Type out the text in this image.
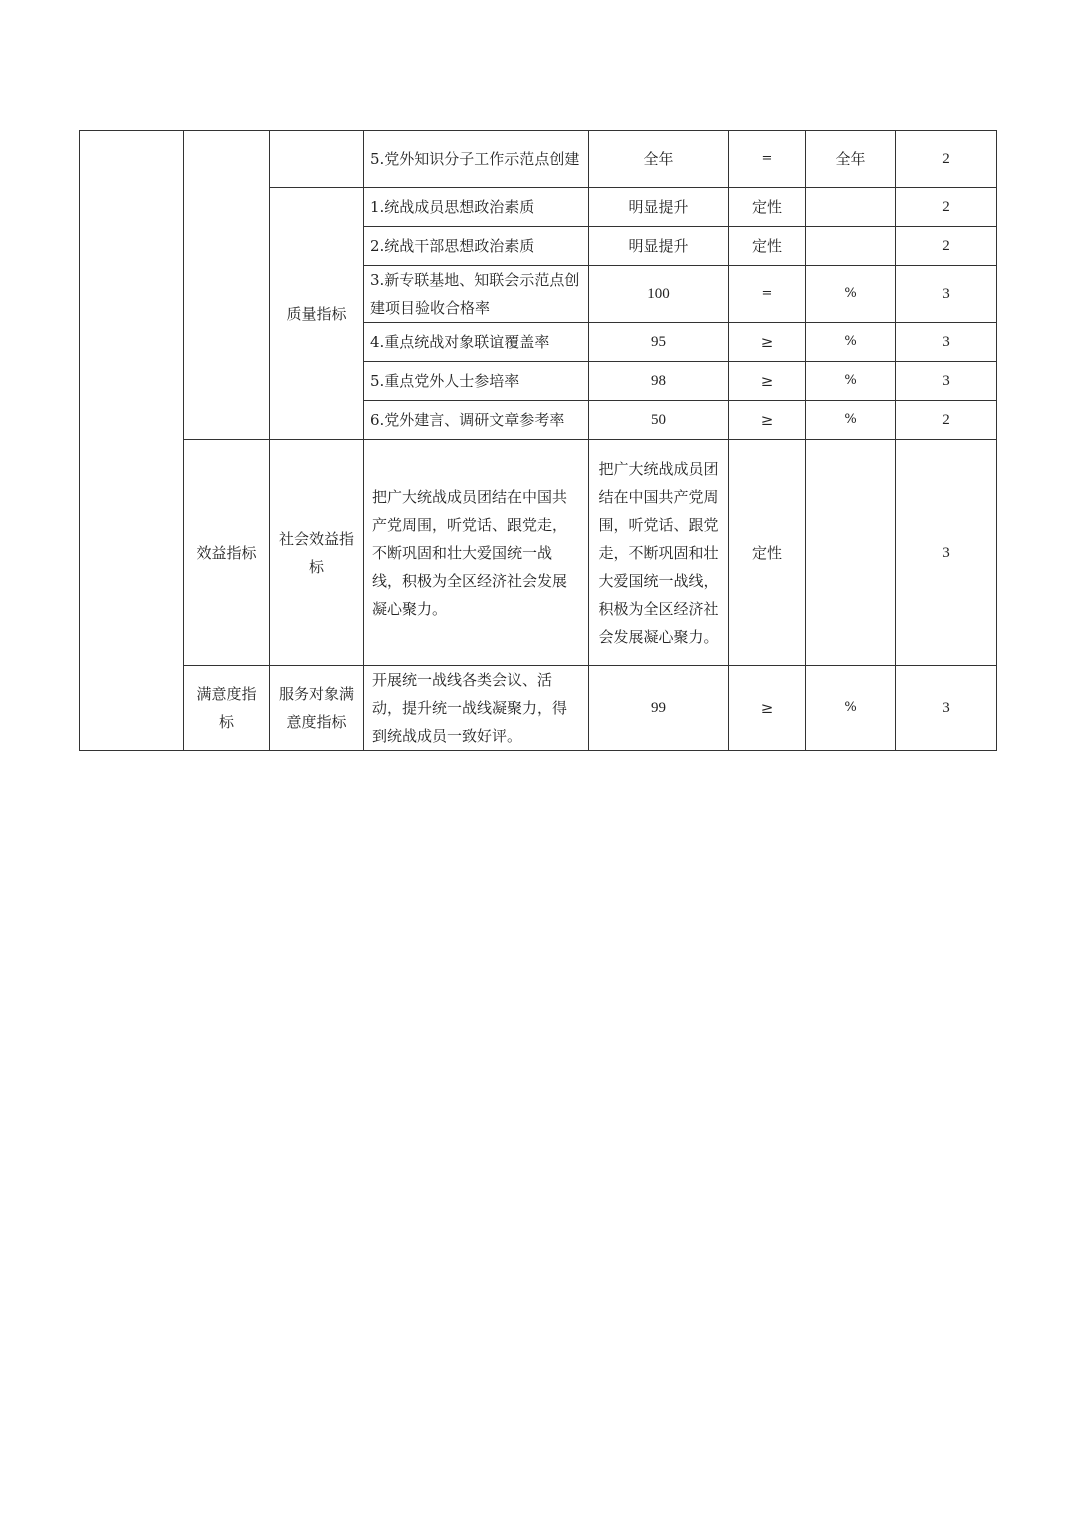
			5.党外知识分子工作示范点创建	全年	=	全年	2
		质量指标	1.统战成员思想政治素质	明显提升	定性		2
			2.统战干部思想政治素质	明显提升	定性		2
			3.新专联基地、知联会示范点创建项目验收合格率	100	=	%	3
			4.重点统战对象联谊覆盖率	95	≥	%	3
			5.重点党外人士参培率	98	≥	%	3
			6.党外建言、调研文章参考率	50	≥	%	2
	效益指标	社会效益指标	把广大统战成员团结在中国共产党周围，听党话、跟党走，不断巩固和壮大爱国统一战线，积极为全区经济社会发展凝心聚力。	把广大统战成员团结在中国共产党周围，听党话、跟党走，不断巩固和壮大爱国统一战线，积极为全区经济社会发展凝心聚力。	定性		3
	满意度指标	服务对象满意度指标	开展统一战线各类会议、活动，提升统一战线凝聚力，得到统战成员一致好评。	99	≥	%	3
